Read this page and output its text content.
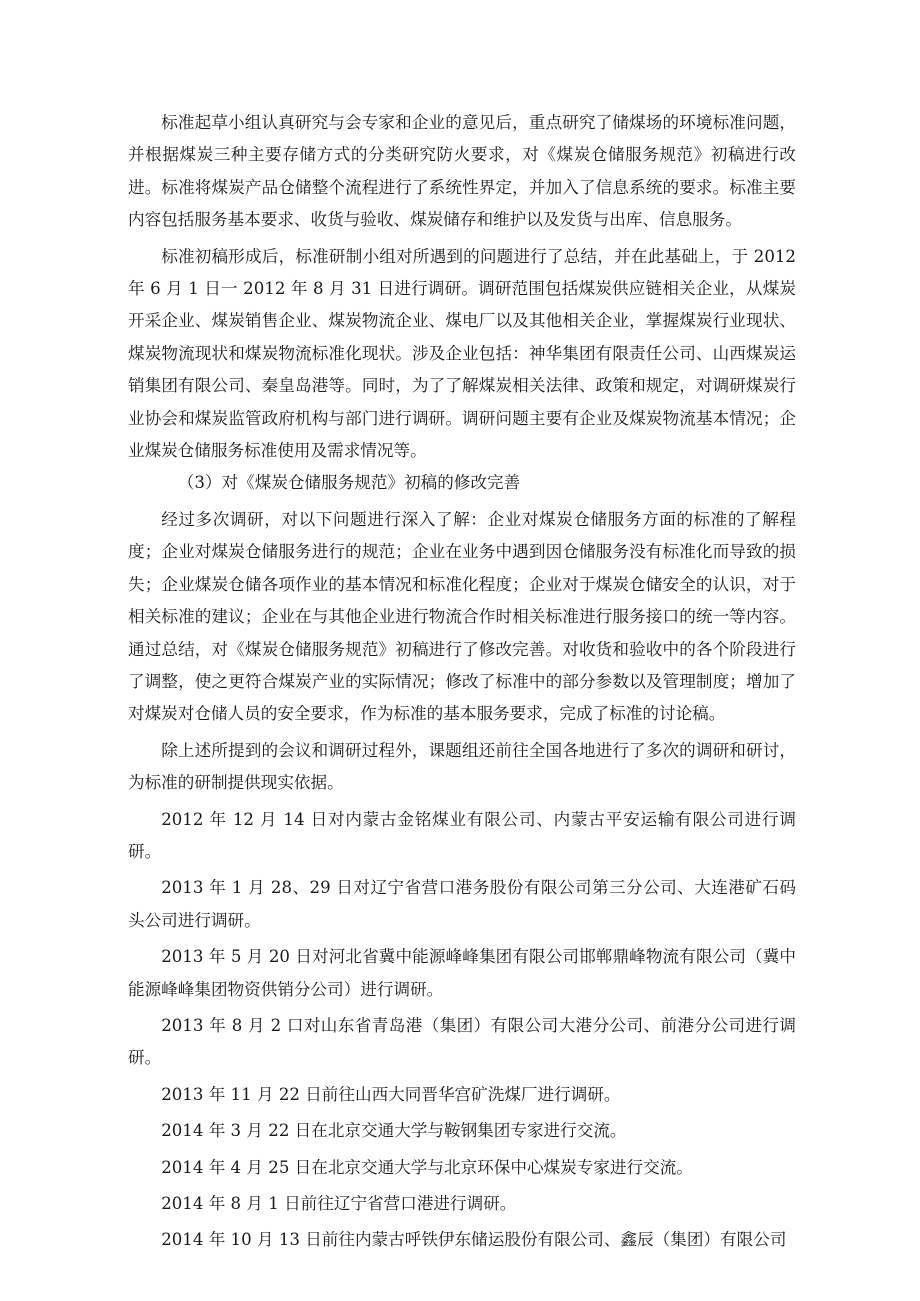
标准起草小组认真研究与会专家和企业的意见后，重点研究了储煤场的环境标准问题，并根据煤炭三种主要存储方式的分类研究防火要求，对《煤炭仓储服务规范》初稿进行改进。标准将煤炭产品仓储整个流程进行了系统性界定，并加入了信息系统的要求。标准主要内容包括服务基本要求、收货与验收、煤炭储存和维护以及发货与出库、信息服务。

标准初稿形成后，标准研制小组对所遇到的问题进行了总结，并在此基础上，于 2012 年 6 月 1 日一 2012 年 8 月 31 日进行调研。调研范围包括煤炭供应链相关企业，从煤炭开采企业、煤炭销售企业、煤炭物流企业、煤电厂以及其他相关企业，掌握煤炭行业现状、煤炭物流现状和煤炭物流标准化现状。涉及企业包括：神华集团有限责任公司、山西煤炭运销集团有限公司、秦皇岛港等。同时，为了了解煤炭相关法律、政策和规定，对调研煤炭行业协会和煤炭监管政府机构与部门进行调研。调研问题主要有企业及煤炭物流基本情况；企业煤炭仓储服务标准使用及需求情况等。

（3）对《煤炭仓储服务规范》初稿的修改完善

经过多次调研，对以下问题进行深入了解：企业对煤炭仓储服务方面的标准的了解程度；企业对煤炭仓储服务进行的规范；企业在业务中遇到因仓储服务没有标准化而导致的损失；企业煤炭仓储各项作业的基本情况和标准化程度；企业对于煤炭仓储安全的认识，对于相关标准的建议；企业在与其他企业进行物流合作时相关标准进行服务接口的统一等内容。通过总结，对《煤炭仓储服务规范》初稿进行了修改完善。对收货和验收中的各个阶段进行了调整，使之更符合煤炭产业的实际情况；修改了标准中的部分参数以及管理制度；增加了对煤炭对仓储人员的安全要求，作为标准的基本服务要求，完成了标准的讨论稿。

除上述所提到的会议和调研过程外，课题组还前往全国各地进行了多次的调研和研讨，为标准的研制提供现实依据。

2012 年 12 月 14 日对内蒙古金铭煤业有限公司、内蒙古平安运输有限公司进行调研。

2013 年 1 月 28、29 日对辽宁省营口港务股份有限公司第三分公司、大连港矿石码头公司进行调研。

2013 年 5 月 20 日对河北省冀中能源峰峰集团有限公司邯郸鼎峰物流有限公司（冀中能源峰峰集团物资供销分公司）进行调研。

2013 年 8 月 2 口对山东省青岛港（集团）有限公司大港分公司、前港分公司进行调研。

2013 年 11 月 22 日前往山西大同晋华宫矿洗煤厂进行调研。

2014 年 3 月 22 日在北京交通大学与鞍钢集团专家进行交流。

2014 年 4 月 25 日在北京交通大学与北京环保中心煤炭专家进行交流。

2014 年 8 月 1 日前往辽宁省营口港进行调研。

2014 年 10 月 13 日前往内蒙古呼铁伊东储运股份有限公司、鑫辰（集团）有限公司
